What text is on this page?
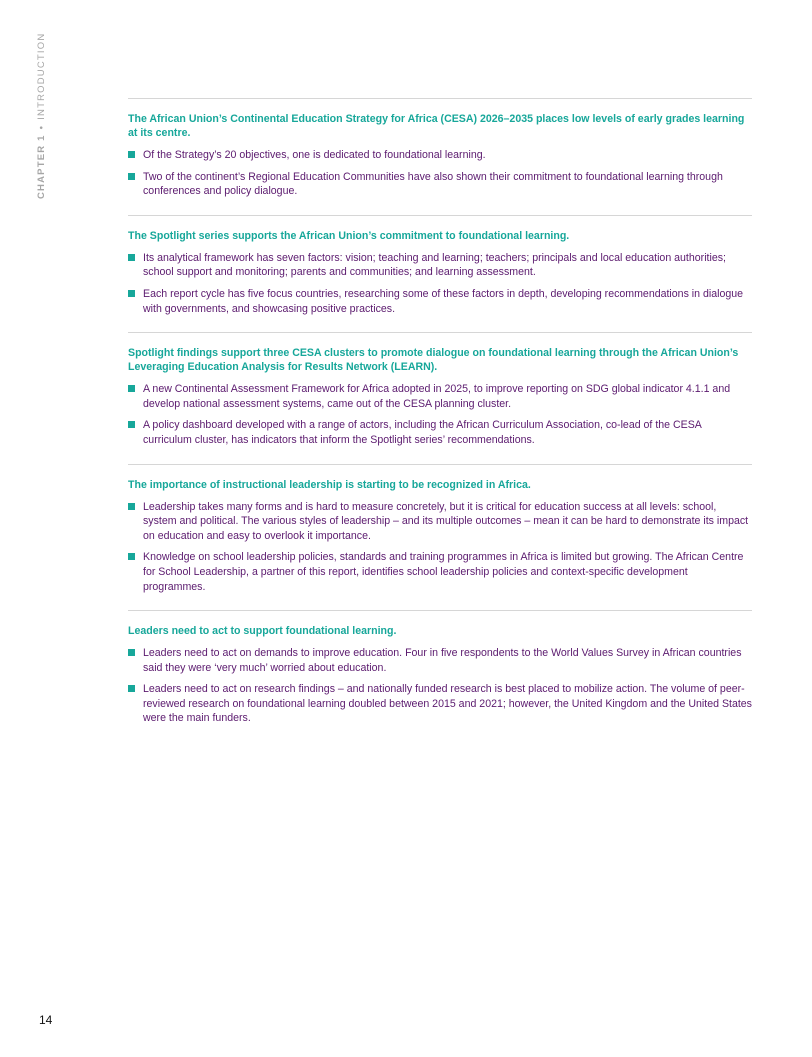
CHAPTER 1•INTRODUCTION	The African Union’s Continental Education Strategy for Africa (CESA) 2026–2035 places low levels of early grades learning at its centre.

Of the Strategy’s 20 objectives, one is dedicated to foundational learning.
Two of the continent’s Regional Education Communities have also shown their commitment to foundational learning through conferences and policy dialogue.

The Spotlight series supports the African Union’s commitment to foundational learning.

Its analytical framework has seven factors: vision; teaching and learning; teachers; principals and local education authorities; school support and monitoring; parents and communities; and learning assessment.
Each report cycle has five focus countries, researching some of these factors in depth, developing recommendations in dialogue with governments, and showcasing positive practices.

Spotlight findings support three CESA clusters to promote dialogue on foundational learning through the African Union’s Leveraging Education Analysis for Results Network (LEARN).

A new Continental Assessment Framework for Africa adopted in 2025, to improve reporting on SDG global indicator 4.1.1 and develop national assessment systems, came out of the CESA planning cluster.
A policy dashboard developed with a range of actors, including the African Curriculum Association, co-lead of the CESA curriculum cluster, has indicators that inform the Spotlight series’ recommendations.

The importance of instructional leadership is starting to be recognized in Africa.

Leadership takes many forms and is hard to measure concretely, but it is critical for education success at all levels: school, system and political. The various styles of leadership – and its multiple outcomes – mean it can be hard to demonstrate its impact on education and easy to overlook it importance.
Knowledge on school leadership policies, standards and training programmes in Africa is limited but growing. The African Centre for School Leadership, a partner of this report, identifies school leadership policies and context-specific development programmes.

Leaders need to act to support foundational learning.

Leaders need to act on demands to improve education. Four in five respondents to the World Values Survey in African countries said they were ‘very much’ worried about education.
Leaders need to act on research findings – and nationally funded research is best placed to mobilize action. The volume of peer-reviewed research on foundational learning doubled between 2015 and 2021; however, the United Kingdom and the United States were the main funders.
14
